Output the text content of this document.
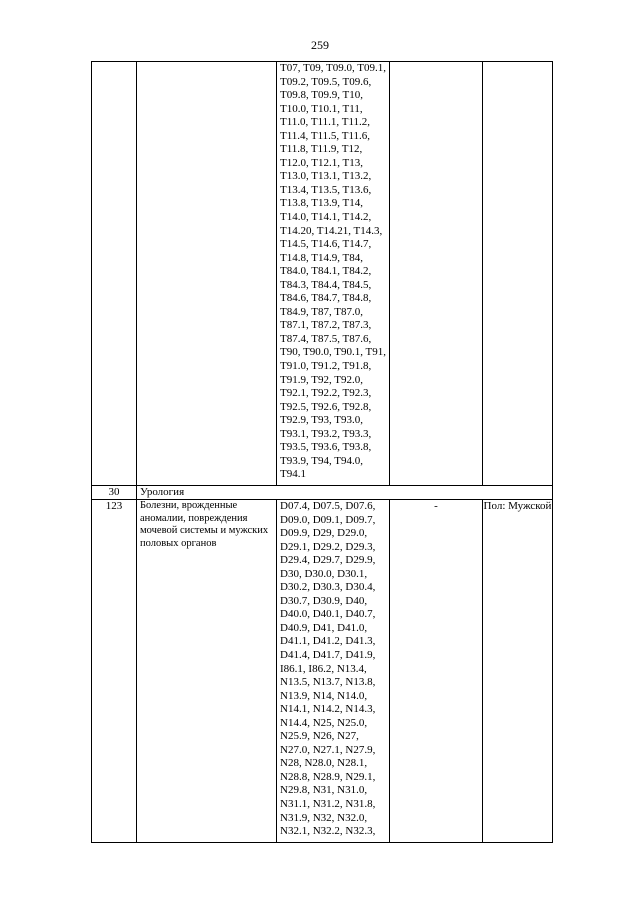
259

		T07, T09, T09.0, T09.1, T09.2, T09.5, T09.6, T09.8, T09.9, T10, T10.0, T10.1, T11, T11.0, T11.1, T11.2, T11.4, T11.5, T11.6, T11.8, T11.9, T12, T12.0, T12.1, T13, T13.0, T13.1, T13.2, T13.4, T13.5, T13.6, T13.8, T13.9, T14, T14.0, T14.1, T14.2, T14.20, T14.21, T14.3, T14.5, T14.6, T14.7, T14.8, T14.9, T84, T84.0, T84.1, T84.2, T84.3, T84.4, T84.5, T84.6, T84.7, T84.8, T84.9, T87, T87.0, T87.1, T87.2, T87.3, T87.4, T87.5, T87.6, T90, T90.0, T90.1, T91, T91.0, T91.2, T91.8, T91.9, T92, T92.0, T92.1, T92.2, T92.3, T92.5, T92.6, T92.8, T92.9, T93, T93.0, T93.1, T93.2, T93.3, T93.5, T93.6, T93.8, T93.9, T94, T94.0, T94.1		

30	Урология			

123	Болезни, врожденные аномалии, повреждения мочевой системы и мужских половых органов	D07.4, D07.5, D07.6, D09.0, D09.1, D09.7, D09.9, D29, D29.0, D29.1, D29.2, D29.3, D29.4, D29.7, D29.9, D30, D30.0, D30.1, D30.2, D30.3, D30.4, D30.7, D30.9, D40, D40.0, D40.1, D40.7, D40.9, D41, D41.0, D41.1, D41.2, D41.3, D41.4, D41.7, D41.9, I86.1, I86.2, N13.4, N13.5, N13.7, N13.8, N13.9, N14, N14.0, N14.1, N14.2, N14.3, N14.4, N25, N25.0, N25.9, N26, N27, N27.0, N27.1, N27.9, N28, N28.0, N28.1, N28.8, N28.9, N29.1, N29.8, N31, N31.0, N31.1, N31.2, N31.8, N31.9, N32, N32.0, N32.1, N32.2, N32.3,	-	Пол: Мужской
